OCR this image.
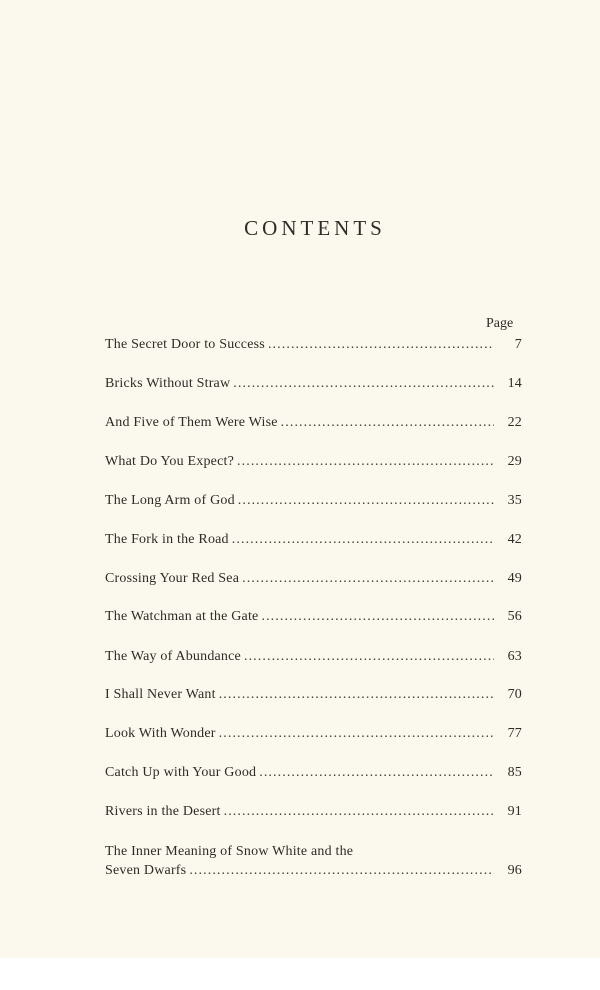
CONTENTS
Page
The Secret Door to Success . . .	7
Bricks Without Straw . . .	14
And Five of Them Were Wise . . .	22
What Do You Expect? . . .	29
The Long Arm of God . . .	35
The Fork in the Road . . .	42
Crossing Your Red Sea . . .	49
The Watchman at the Gate . . .	56
The Way of Abundance . . .	63
I Shall Never Want . . .	70
Look With Wonder . . .	77
Catch Up with Your Good . . .	85
Rivers in the Desert . . .	91
The Inner Meaning of Snow White and the
Seven Dwarfs . . .	96
